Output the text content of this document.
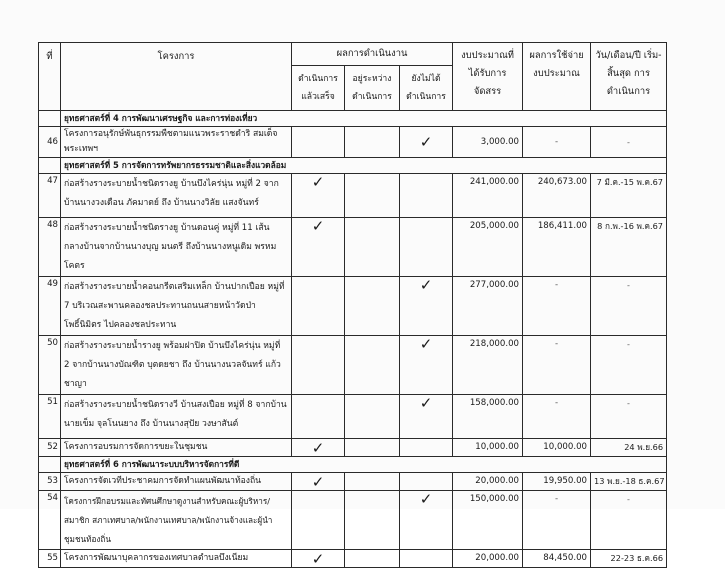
ที่	โครงการ	ผลการดำเนินงาน			งบประมาณที่ ได้รับการจัดสรร	ผลการใช้จ่าย งบประมาณ	วัน/เดือน/ปี เริ่ม-สิ้นสุด การดำเนินการ
		ดำเนินการ แล้วเสร็จ	อยู่ระหว่าง ดำเนินการ	ยังไม่ได้ ดำเนินการ			
	ยุทธศาสตร์ที่ 4 การพัฒนาเศรษฐกิจ และการท่องเที่ยว						
46	โครงการอนุรักษ์พันธุกรรมพืชตามแนวพระราชดำริ สมเด็จพระเทพฯ			✓	3,000.00	-	-
	ยุทธศาสตร์ที่ 5 การจัดการทรัพยากรธรรมชาติและสิ่งแวดล้อม						
47	ก่อสร้างรางระบายน้ำชนิดรางยู บ้านบึงไคร่นุ่น หมู่ที่ 2 จากบ้านนางวงเดือน ภัคมาตย์ ถึง บ้านนางวิลัย แสงจันทร์	✓			241,000.00	240,673.00	7 มี.ค.-15 พ.ค.67
48	ก่อสร้างรางระบายน้ำชนิดรางยู บ้านดอนคู่ หมู่ที่ 11 เส้นกลางบ้านจากบ้านนางบุญ มนตรี ถึงบ้านนางหนูเดิม พรหมโคตร	✓			205,000.00	186,411.00	8 ก.พ.-16 พ.ค.67
49	ก่อสร้างรางระบายน้ำคอนกรีตเสริมเหล็ก บ้านปากเปือย หมู่ที่ 7 บริเวณสะพานคลองชลประทานถนนสายหน้าวัดป่าโพธิ์นิมิตร ไปคลองชลประทาน			✓	277,000.00	-	-
50	ก่อสร้างรางระบายน้ำรางยู พร้อมฝาปิด บ้านบึงไคร่นุ่น หมู่ที่ 2 จากบ้านนางบัณฑิต บุตดยชา ถึง บ้านนางนวลจันทร์ แก้วชาญา			✓	218,000.00	-	-
51	ก่อสร้างรางระบายน้ำชนิดรางวี บ้านสงเปือย หมู่ที่ 8 จากบ้านนายเข็ม จุลโนนยาง ถึง บ้านนางสุปัย วงษาสันต์			✓	158,000.00	-	-
52	โครงการอบรมการจัดการขยะในชุมชน	✓			10,000.00	10,000.00	24 พ.ย.66
	ยุทธศาสตร์ที่ 6 การพัฒนาระบบบริหารจัดการที่ดี						
53	โครงการจัดเวทีประชาคมการจัดทำแผนพัฒนาท้องถิ่น	✓			20,000.00	19,950.00	13 พ.ย.-18 ธ.ค.67
54	โครงการฝึกอบรมและทัศนศึกษาดูงานสำหรับคณะผู้บริหาร/สมาชิก สภาเทศบาล/พนักงานเทศบาล/พนักงานจ้างและผู้นำชุมชนท้องถิ่น			✓	150,000.00	-	-
55	โครงการพัฒนาบุคลากรของเทศบาลตำบลบึงเนียม	✓			20,000.00	84,450.00	22-23 ธ.ค.66
